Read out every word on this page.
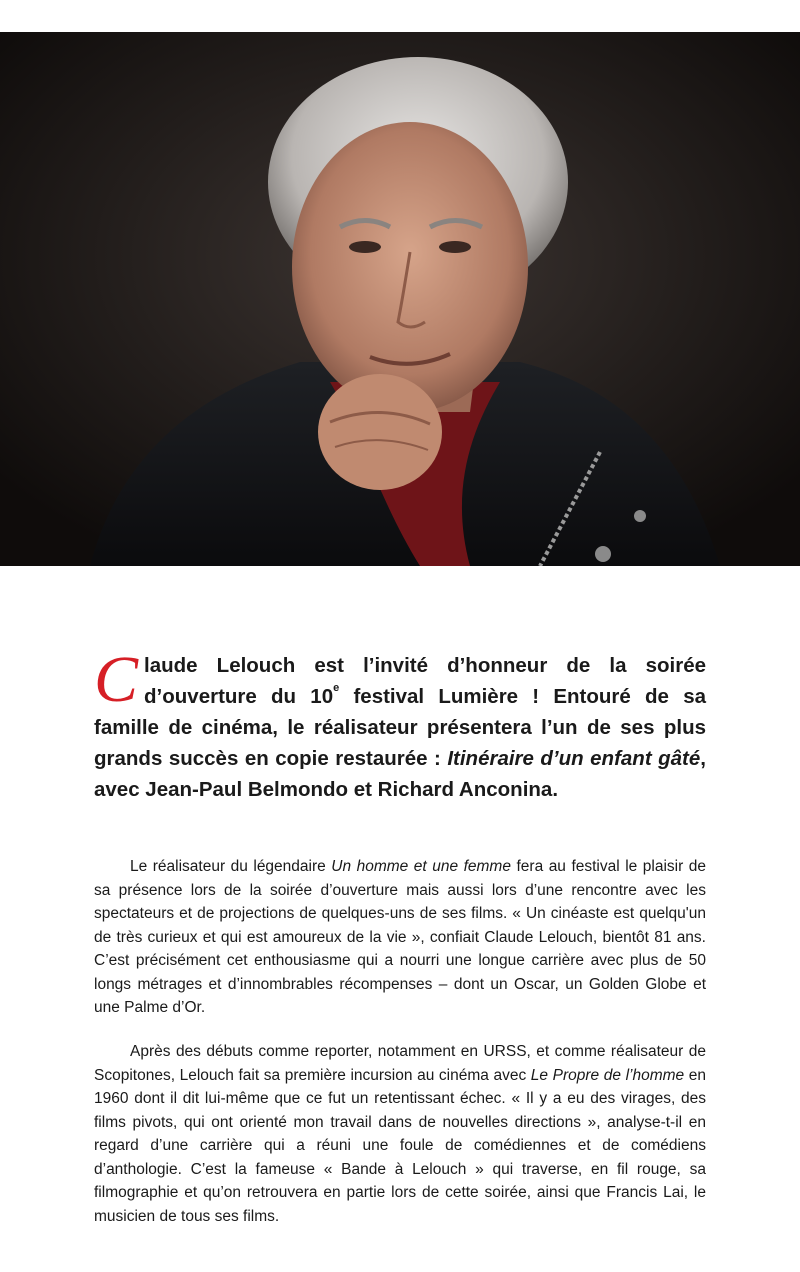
Claude Lelouch est l’invité d’honneur de la soirée d’ouverture du 10e festival Lumière ! Entouré de sa famille de cinéma, le réalisateur présentera l’un de ses plus grands succès en copie restaurée : Itinéraire d’un enfant gâté, avec Jean-Paul Belmondo et Richard Anconina.

Le réalisateur du légendaire Un homme et une femme fera au festival le plaisir de sa présence lors de la soirée d’ouverture mais aussi lors d’une rencontre avec les spectateurs et de projections de quelques-uns de ses films. « Un cinéaste est quelqu'un de très curieux et qui est amoureux de la vie », confiait Claude Lelouch, bientôt 81 ans. C’est précisément cet enthousiasme qui a nourri une longue carrière avec plus de 50 longs métrages et d’innombrables récompenses – dont un Oscar, un Golden Globe et une Palme d’Or.

Après des débuts comme reporter, notamment en URSS, et comme réalisateur de Scopitones, Lelouch fait sa première incursion au cinéma avec Le Propre de l’homme en 1960 dont il dit lui-même que ce fut un retentissant échec. « Il y a eu des virages, des films pivots, qui ont orienté mon travail dans de nouvelles directions », analyse-t-il en regard d’une carrière qui a réuni une foule de comédiennes et de comédiens d’anthologie. C’est la fameuse « Bande à Lelouch » qui traverse, en fil rouge, sa filmographie et qu’on retrouvera en partie lors de cette soirée, ainsi que Francis Lai, le musicien de tous ses films.
